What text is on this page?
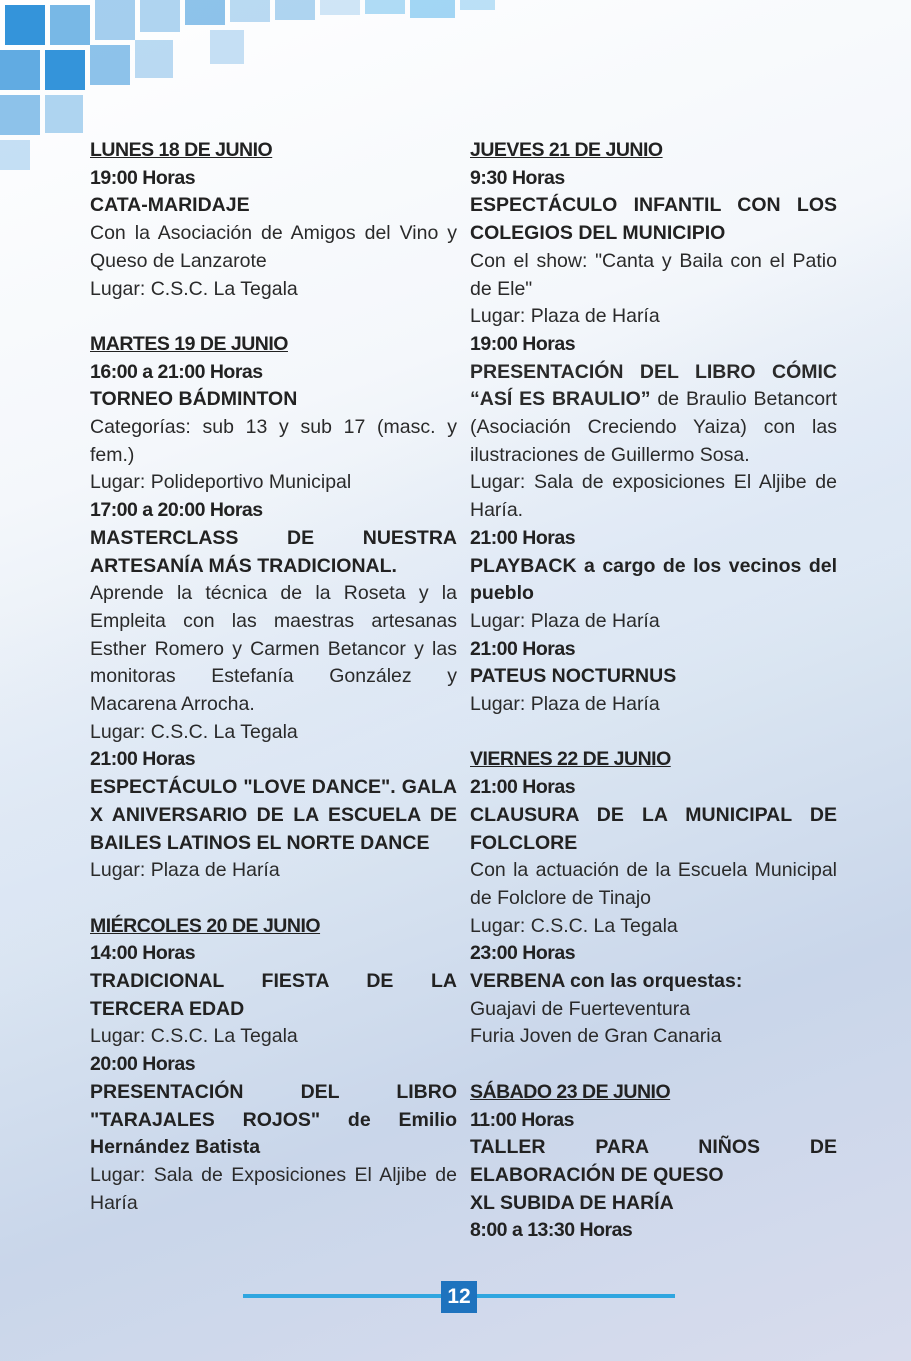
LUNES 18 DE JUNIO

19:00 Horas

CATA-MARIDAJE

Con la Asociación de Amigos del Vino y Queso de Lanzarote

Lugar: C.S.C. La Tegala

MARTES 19 DE JUNIO

16:00 a 21:00 Horas

TORNEO BÁDMINTON

Categorías: sub 13 y sub 17 (masc. y fem.)

Lugar: Polideportivo Municipal

17:00 a 20:00 Horas

MASTERCLASS DE NUESTRA ARTESANÍA MÁS TRADICIONAL.

Aprende la técnica de la Roseta y la Empleita con las maestras artesanas Esther Romero y Carmen Betancor y las monitoras Estefanía González y Macarena Arrocha.

Lugar: C.S.C. La Tegala

21:00 Horas

ESPECTÁCULO "LOVE DANCE". GALA X ANIVERSARIO DE LA ESCUELA DE BAILES LATINOS EL NORTE DANCE

Lugar: Plaza de Haría

MIÉRCOLES 20 DE JUNIO

14:00 Horas

TRADICIONAL FIESTA DE LA TERCERA EDAD

Lugar: C.S.C. La Tegala

20:00 Horas

PRESENTACIÓN DEL LIBRO "TARAJALES ROJOS" de Emilio Hernández Batista

Lugar: Sala de Exposiciones El Aljibe de Haría

JUEVES 21 DE JUNIO

9:30 Horas

ESPECTÁCULO INFANTIL CON LOS COLEGIOS DEL MUNICIPIO

Con el show: "Canta y Baila con el Patio de Ele"

Lugar: Plaza de Haría

19:00 Horas

PRESENTACIÓN DEL LIBRO CÓMIC “ASÍ ES BRAULIO” de Braulio Betancort (Asociación Creciendo Yaiza) con las ilustraciones de Guillermo Sosa.

Lugar: Sala de exposiciones El Aljibe de Haría.

21:00 Horas

PLAYBACK a cargo de los vecinos del pueblo

Lugar: Plaza de Haría

21:00 Horas

PATEUS NOCTURNUS

Lugar: Plaza de Haría

VIERNES 22 DE JUNIO

21:00 Horas

CLAUSURA DE LA MUNICIPAL DE FOLCLORE

Con la actuación de la Escuela Municipal de Folclore de Tinajo

Lugar: C.S.C. La Tegala

23:00 Horas

VERBENA con las orquestas:

Guajavi de Fuerteventura

Furia Joven de Gran Canaria

SÁBADO 23 DE JUNIO

11:00 Horas

TALLER PARA NIÑOS DE ELABORACIÓN DE QUESO

XL SUBIDA DE HARÍA

8:00 a 13:30 Horas

12
